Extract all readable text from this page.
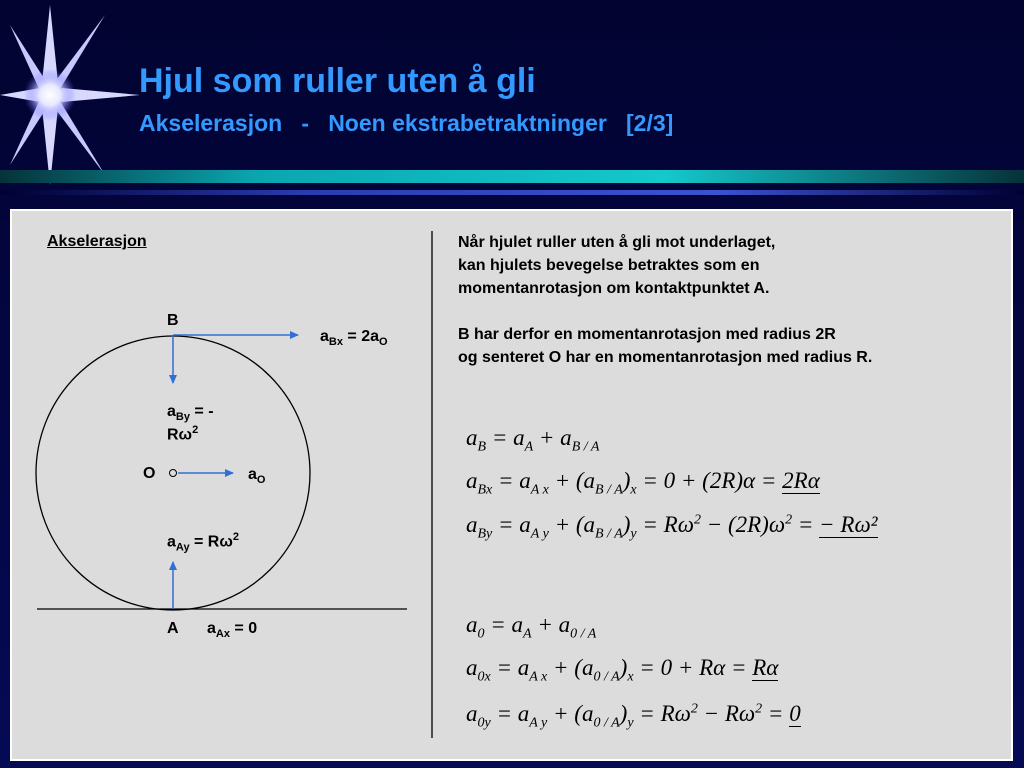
Hjul som ruller uten å gli
Akselerasjon   -   Noen ekstrabetraktninger   [2/3]
Akselerasjon
B
O
A
$a_{Bx} = 2a_O$
$a_{By}$ = -
$R\omega^2$
$a_O$
$a_{Ay} = R\omega^2$
$a_{Ax} = 0$
Når hjulet ruller uten å gli mot underlaget,
kan hjulets bevegelse betraktes som en
momentanrotasjon om kontaktpunktet A.
B har derfor en momentanrotasjon med radius 2R
og senteret O har en momentanrotasjon med radius R.
$a_B = a_A + a_{B / A}$
$a_{Bx} = a_{A x} + (a_{B / A})_x = 0 + (2R)\alpha = 2R\alpha$
$a_{By} = a_{A y} + (a_{B / A})_y = R\omega^2 - (2R)\omega^2$ = − Rω²
$a_0 = a_A + a_{0 / A}$
$a_{0x} = a_{A x} + (a_{0 / A})_x = 0 + R\alpha = R\alpha$
$a_{0y} = a_{A y} + (a_{0 / A})_y = R\omega^2 - R\omega^2 = 0$
